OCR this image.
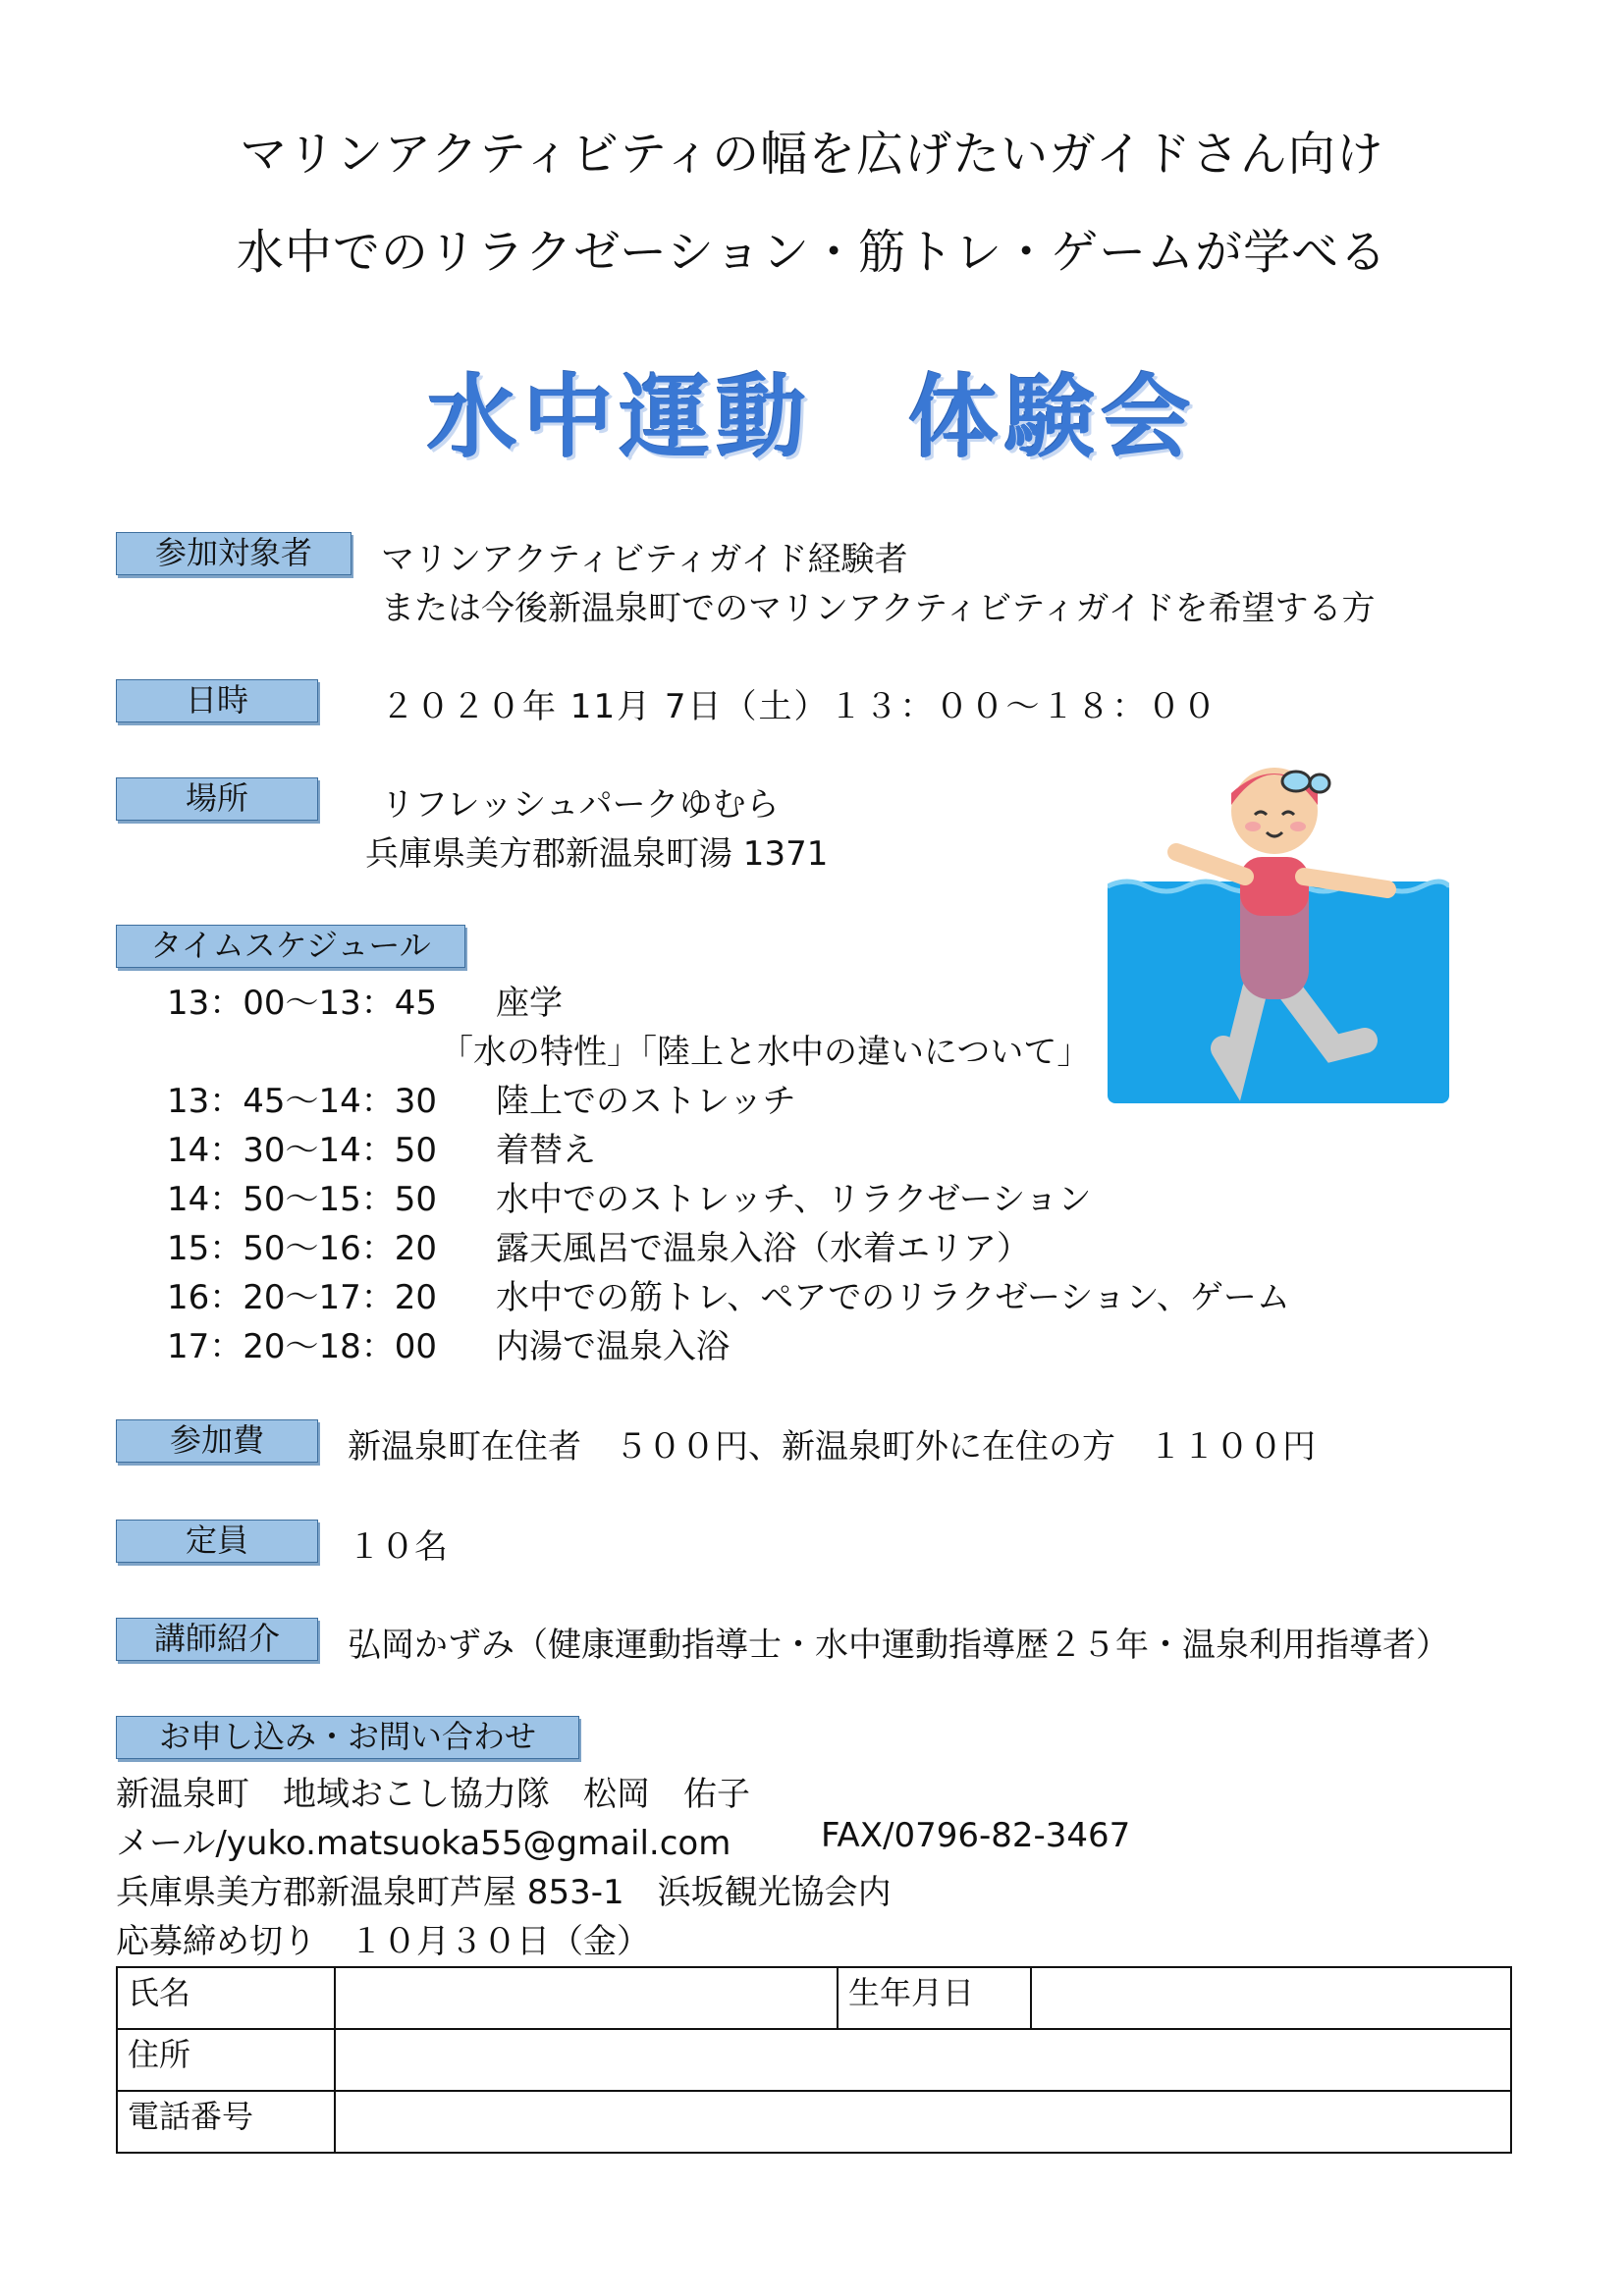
マリンアクティビティの幅を広げたいガイドさん向け
水中でのリラクゼーション・筋トレ・ゲームが学べる
水中運動　体験会
参加対象者	マリンアクティビティガイド経験者
または今後新温泉町でのマリンアクティビティガイドを希望する方
日時	２０２０年 11月 7日（土）１３：００～１８：００
場所	リフレッシュパークゆむら
兵庫県美方郡新温泉町湯 1371
タイムスケジュール
13：00～13：45 座学
「水の特性」「陸上と水中の違いについて」
13：45～14：30 陸上でのストレッチ
14：30～14：50 着替え
14：50～15：50 水中でのストレッチ、リラクゼーション
15：50～16：20 露天風呂で温泉入浴（水着エリア）
16：20～17：20 水中での筋トレ、ペアでのリラクゼーション、ゲーム
17：20～18：00 内湯で温泉入浴
参加費	新温泉町在住者　５００円、新温泉町外に在住の方　１１００円
定員	１０名
講師紹介	弘岡かずみ（健康運動指導士・水中運動指導歴２５年・温泉利用指導者）
お申し込み・お問い合わせ
新温泉町　地域おこし協力隊　松岡　佑子
メール/yuko.matsuoka55@gmail.com	FAX/0796-82-3467
兵庫県美方郡新温泉町芦屋 853-1　浜坂観光協会内
応募締め切り　１０月３０日（金）
氏名		生年月日	
住所			
電話番号			
